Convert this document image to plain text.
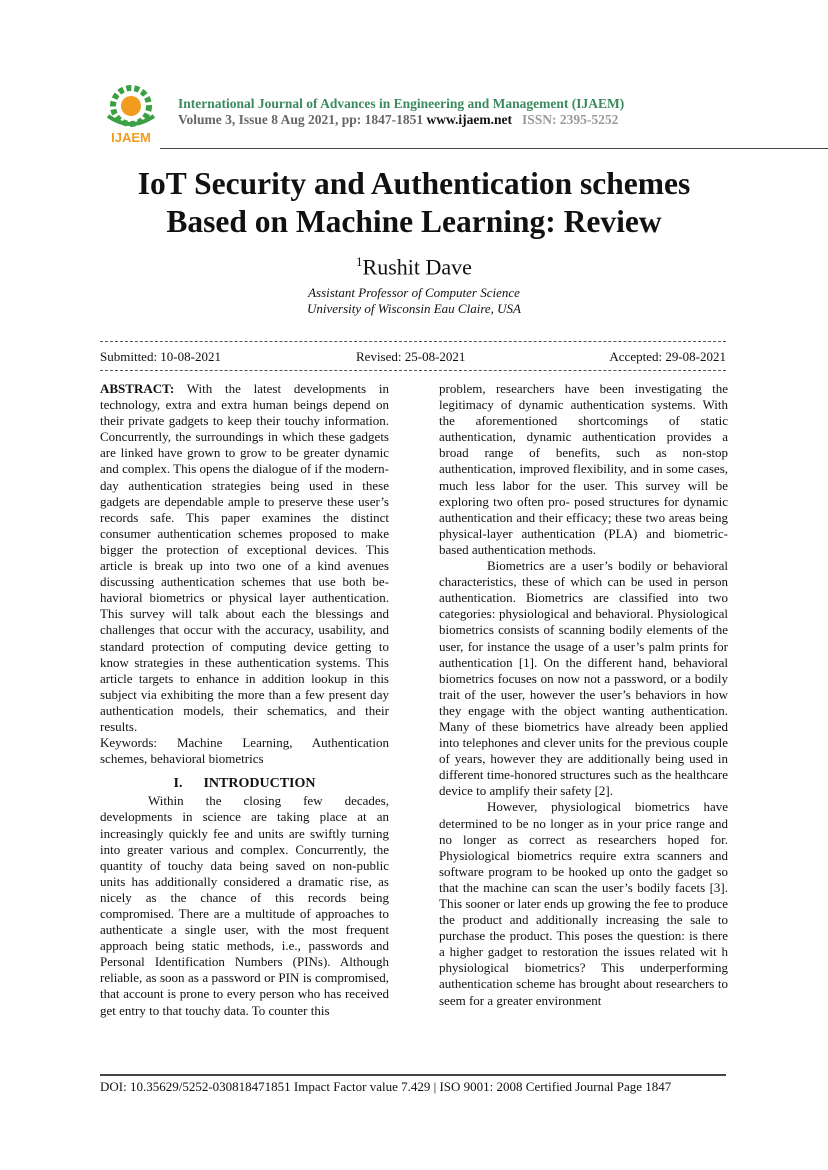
IJAEM
International Journal of Advances in Engineering and Management (IJAEM)
Volume 3, Issue 8 Aug 2021, pp: 1847-1851 www.ijaem.net ISSN: 2395-5252
IoT Security and Authentication schemes
Based on Machine Learning: Review
$^1$Rushit Dave
Assistant Professor of Computer Science
University of Wisconsin Eau Claire, USA
Submitted: 10-08-2021	Revised: 25-08-2021	Accepted: 29-08-2021

ABSTRACT: With the latest developments in technology, extra and extra human beings depend on their private gadgets to keep their touchy information. Concurrently, the surroundings in which these gadgets are linked have grown to grow to be greater dynamic and complex. This opens the dialogue of if the modern-day authentication strategies being used in these gadgets are dependable ample to preserve these user’s records safe. This paper examines the distinct consumer authentication schemes proposed to make bigger the protection of exceptional devices. This article is break up into two one of a kind avenues discussing authentication schemes that use both be- havioral biometrics or physical layer authentication. This survey will talk about each the blessings and challenges that occur with the accuracy, usability, and standard protection of computing device getting to know strategies in these authentication systems. This article targets to enhance in addition lookup in this subject via exhibiting the more than a few present day authentication models, their schematics, and their results.

Keywords: Machine Learning, Authentication schemes, behavioral biometrics

I.      INTRODUCTION

Within the closing few decades, developments in science are taking place at an increasingly quickly fee and units are swiftly turning into greater various and complex. Concurrently, the quantity of touchy data being saved on non-public units has additionally considered a dramatic rise, as nicely as the chance of this records being compromised. There are a multitude of approaches to authenticate a single user, with the most frequent approach being static methods, i.e., passwords and Personal Identification Numbers (PINs). Although reliable, as soon as a password or PIN is compromised, that account is prone to every person who has received get entry to that touchy data. To counter this

problem, researchers have been investigating the legitimacy of dynamic authentication systems. With the aforementioned shortcomings of static authentication, dynamic authentication provides a broad range of benefits, such as non-stop authentication, improved flexibility, and in some cases, much less labor for the user. This survey will be exploring two often pro- posed structures for dynamic authentication and their efficacy; these two areas being physical-layer authentication (PLA) and biometric-based authentication methods.

Biometrics are a user’s bodily or behavioral characteristics, these of which can be used in person authentication. Biometrics are classified into two categories: physiological and behavioral. Physiological biometrics consists of scanning bodily elements of the user, for instance the usage of a user’s palm prints for authentication [1]. On the different hand, behavioral biometrics focuses on now not a password, or a bodily trait of the user, however the user’s behaviors in how they engage with the object wanting authentication. Many of these biometrics have already been applied into telephones and clever units for the previous couple of years, however they are additionally being used in different time-honored structures such as the healthcare device to amplify their safety [2].

However, physiological biometrics have determined to be no longer as in your price range and no longer as correct as researchers hoped for. Physiological biometrics require extra scanners and software program to be hooked up onto the gadget so that the machine can scan the user’s bodily facets [3]. This sooner or later ends up growing the fee to produce the product and additionally increasing the sale to purchase the product. This poses the question: is there a higher gadget to restoration the issues related wit h physiological biometrics? This underperforming authentication scheme has brought about researchers to seem for a greater environment

DOI: 10.35629/5252-030818471851 Impact Factor value 7.429 | ISO 9001: 2008 Certified Journal Page 1847
